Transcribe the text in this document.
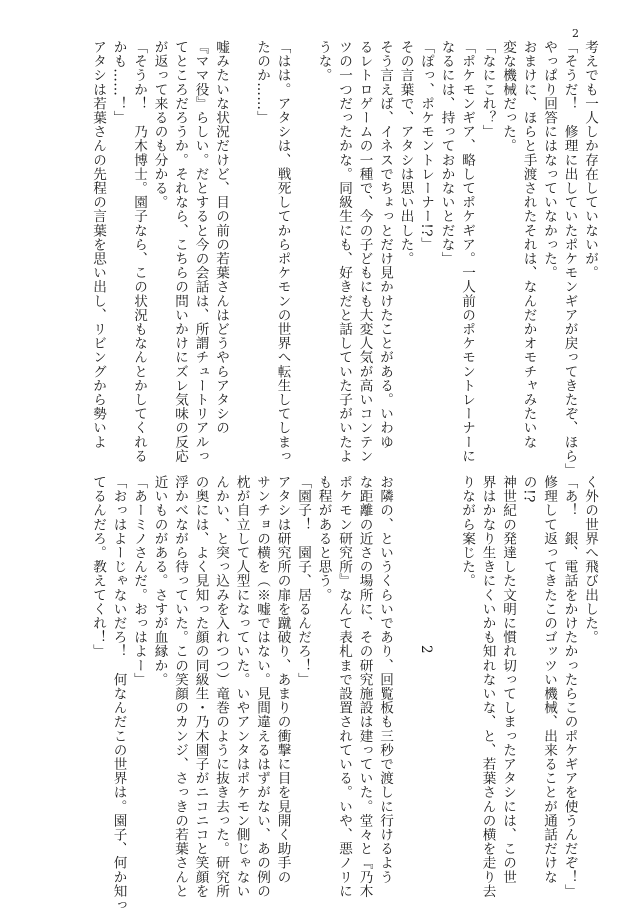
2
考えでも一人しか存在していないが。
「そうだ！　修理に出していたポケモンギアが戻ってきたぞ、ほら」
やっぱり回答にはなっていなかった。
おまけに、ほらと手渡されたそれは、なんだかオモチャみたいな
変な機械だった。
「なにこれ？」
「ポケモンギア、略してポケギア。一人前のポケモントレーナーに
なるには、持っておかないとだな」
「ぽっ、ポケモントレーナー!?」
その言葉で、アタシは思い出した。
そう言えば、イネスでちょっとだけ見かけたことがある。いわゆ
るレトロゲームの一種で、今の子どもにも大変人気が高いコンテン
ツの一つだったかな。同級生にも、好きだと話していた子がいたよ
うな。
「はは。アタシは、戦死してからポケモンの世界へ転生してしまっ
たのか……」
嘘みたいな状況だけど、目の前の若葉さんはどうやらアタシの
『ママ役』らしい。だとすると今の会話は、所謂チュートリアルっ
てところだろうか。それなら、こちらの問いかけにズレ気味の反応
が返って来るのも分かる。
「そうか！　乃木博士。園子なら、この状況もなんとかしてくれる
かも……！」
アタシは若葉さんの先程の言葉を思い出し、リビングから勢いよ
く外の世界へ飛び出した。
「あ！　銀、電話をかけたかったらこのポケギアを使うんだぞ！」
修理して返ってきたこのゴッツい機械、出来ることが通話だけな
の!?
神世紀の発達した文明に慣れ切ってしまったアタシには、この世
界はかなり生きにくいかも知れないな、と、若葉さんの横を走り去
りながら案じた。
2
お隣の、というくらいであり、回覧板も三秒で渡しに行けるよう
な距離の近さの場所に、その研究施設は建っていた。堂々と『乃木
ポケモン研究所』なんて表札まで設置されている。いや、悪ノリに
も程があると思う。
「園子！　園子、居るんだろ！」
アタシは研究所の扉を蹴破り、あまりの衝撃に目を見開く助手の
サンチョの横を（※嘘ではない。見間違えるはずがない、あの例の
枕が自立して人型になっていた。いやアンタはポケモン側じゃない
んかい、と突っ込みを入れつつ）竜巻のように抜き去った。研究所
の奥には、よく見知った顔の同級生・乃木園子がニコニコと笑顔を
浮かべながら待っていた。この笑顔のカンジ、さっきの若葉さんと
近いものがある。さすが血縁か。
「あーミノさんだ。おっはよー」
「おっはよーじゃないだろ！　何なんだこの世界は。園子、何か知っ
てるんだろ。教えてくれ！」
